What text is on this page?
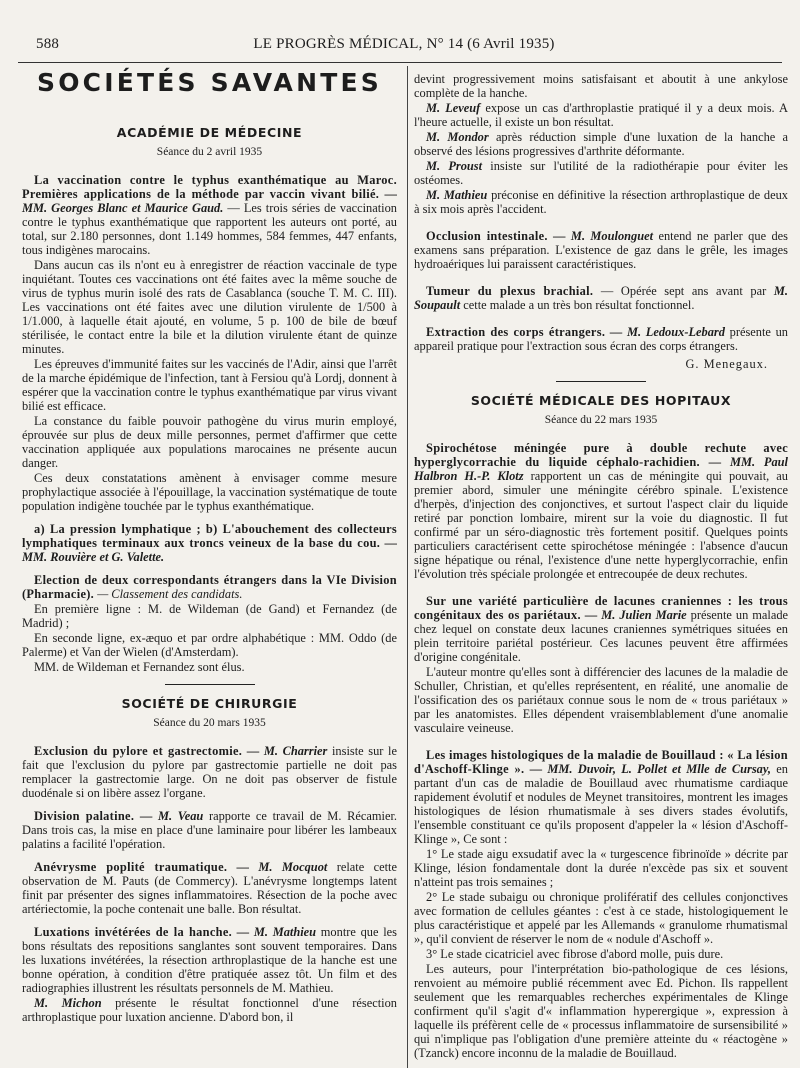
588	LE PROGRÈS MÉDICAL, N° 14 (6 Avril 1935)
SOCIÉTÉS SAVANTES
ACADÉMIE DE MÉDECINE
Séance du 2 avril 1935

La vaccination contre le typhus exanthématique au Maroc. Premières applications de la méthode par vaccin vivant bilié. — MM. Georges Blanc et Maurice Gaud. — Les trois séries de vaccination contre le typhus exanthématique que rapportent les auteurs ont porté, au total, sur 2.180 personnes, dont 1.149 hommes, 584 femmes, 447 enfants, tous indigènes marocains.

Dans aucun cas ils n'ont eu à enregistrer de réaction vaccinale de type inquiétant. Toutes ces vaccinations ont été faites avec la même souche de virus de typhus murin isolé des rats de Casablanca (souche T. M. C. III). Les vaccinations ont été faites avec une dilution virulente de 1/500 à 1/1.000, à laquelle était ajouté, en volume, 5 p. 100 de bile de bœuf stérilisée, le contact entre la bile et la dilution virulente étant de quinze minutes.

Les épreuves d'immunité faites sur les vaccinés de l'Adir, ainsi que l'arrêt de la marche épidémique de l'infection, tant à Fersiou qu'à Lordj, donnent à espérer que la vaccination contre le typhus exanthématique par virus vivant bilié est efficace.

La constance du faible pouvoir pathogène du virus murin employé, éprouvée sur plus de deux mille personnes, permet d'affirmer que cette vaccination appliquée aux populations marocaines ne présente aucun danger.

Ces deux constatations amènent à envisager comme mesure prophylactique associée à l'épouillage, la vaccination systématique de toute population indigène touchée par le typhus exanthématique.

a) La pression lymphatique ; b) L'abouchement des collecteurs lymphatiques terminaux aux troncs veineux de la base du cou. — MM. Rouvière et G. Valette.

Election de deux correspondants étrangers dans la VIe Division (Pharmacie). — Classement des candidats.

En première ligne : M. de Wildeman (de Gand) et Fernandez (de Madrid) ;

En seconde ligne, ex-æquo et par ordre alphabétique : MM. Oddo (de Palerme) et Van der Wielen (d'Amsterdam).

MM. de Wildeman et Fernandez sont élus.

SOCIÉTÉ DE CHIRURGIE
Séance du 20 mars 1935

Exclusion du pylore et gastrectomie. — M. Charrier insiste sur le fait que l'exclusion du pylore par gastrectomie partielle ne doit pas remplacer la gastrectomie large. On ne doit pas observer de fistule duodénale si on libère assez l'organe.

Division palatine. — M. Veau rapporte ce travail de M. Récamier. Dans trois cas, la mise en place d'une laminaire pour libérer les lambeaux palatins a facilité l'opération.

Anévrysme poplité traumatique. — M. Mocquot relate cette observation de M. Pauts (de Commercy). L'anévrysme longtemps latent finit par présenter des signes inflammatoires. Résection de la poche avec artériectomie, la poche contenait une balle. Bon résultat.

Luxations invétérées de la hanche. — M. Mathieu montre que les bons résultats des repositions sanglantes sont souvent temporaires. Dans les luxations invétérées, la résection arthroplastique de la hanche est une bonne opération, à condition d'être pratiquée assez tôt. Un film et des radiographies illustrent les résultats personnels de M. Mathieu.

M. Michon présente le résultat fonctionnel d'une résection arthroplastique pour luxation ancienne. D'abord bon, il

devint progressivement moins satisfaisant et aboutit à une ankylose complète de la hanche.

M. Leveuf expose un cas d'arthroplastie pratiqué il y a deux mois. A l'heure actuelle, il existe un bon résultat.

M. Mondor après réduction simple d'une luxation de la hanche a observé des lésions progressives d'arthrite déformante.

M. Proust insiste sur l'utilité de la radiothérapie pour éviter les ostéomes.

M. Mathieu préconise en définitive la résection arthroplastique de deux à six mois après l'accident.

Occlusion intestinale. — M. Moulonguet entend ne parler que des examens sans préparation. L'existence de gaz dans le grêle, les images hydroaériques lui paraissent caractéristiques.

Tumeur du plexus brachial. — Opérée sept ans avant par M. Soupault cette malade a un très bon résultat fonctionnel.

Extraction des corps étrangers. — M. Ledoux-Lebard présente un appareil pratique pour l'extraction sous écran des corps étrangers.

G. Menegaux.
SOCIÉTÉ MÉDICALE DES HOPITAUX
Séance du 22 mars 1935

Spirochétose méningée pure à double rechute avec hyperglycorrachie du liquide céphalo-rachidien. — MM. Paul Halbron H.-P. Klotz rapportent un cas de méningite qui pouvait, au premier abord, simuler une méningite cérébro spinale. L'existence d'herpès, d'injection des conjonctives, et surtout l'aspect clair du liquide retiré par ponction lombaire, mirent sur la voie du diagnostic. Il fut confirmé par un séro-diagnostic très fortement positif. Quelques points particuliers caractérisent cette spirochétose méningée : l'absence d'aucun signe hépatique ou rénal, l'existence d'une nette hyperglycorrachie, enfin l'évolution très spéciale prolongée et entrecoupée de deux rechutes.

Sur une variété particulière de lacunes craniennes : les trous congénitaux des os pariétaux. — M. Julien Marie présente un malade chez lequel on constate deux lacunes craniennes symétriques situées en plein territoire pariétal postérieur. Ces lacunes peuvent être affirmées d'origine congénitale.

L'auteur montre qu'elles sont à différencier des lacunes de la maladie de Schuller, Christian, et qu'elles représentent, en réalité, une anomalie de l'ossification des os pariétaux connue sous le nom de « trous pariétaux » par les anatomistes. Elles dépendent vraisemblablement d'une anomalie vasculaire veineuse.

Les images histologiques de la maladie de Bouillaud : « La lésion d'Aschoff-Klinge ». — MM. Duvoir, L. Pollet et Mlle de Cursay, en partant d'un cas de maladie de Bouillaud avec rhumatisme cardiaque rapidement évolutif et nodules de Meynet transitoires, montrent les images histologiques de lésion rhumatismale à ses divers stades évolutifs, l'ensemble constituant ce qu'ils proposent d'appeler la « lésion d'Aschoff-Klinge », Ce sont :

1° Le stade aigu exsudatif avec la « turgescence fibrinoïde » décrite par Klinge, lésion fondamentale dont la durée n'excède pas six et souvent n'atteint pas trois semaines ;

2° Le stade subaigu ou chronique prolifératif des cellules conjonctives avec formation de cellules géantes : c'est à ce stade, histologiquement le plus caractéristique et appelé par les Allemands « granulome rhumatismal », qu'il convient de réserver le nom de « nodule d'Aschoff ».

3° Le stade cicatriciel avec fibrose d'abord molle, puis dure.

Les auteurs, pour l'interprétation bio-pathologique de ces lésions, renvoient au mémoire publié récemment avec Ed. Pichon. Ils rappellent seulement que les remarquables recherches expérimentales de Klinge confirment qu'il s'agit d'« inflammation hyperergique », expression à laquelle ils préfèrent celle de « processus inflammatoire de sursensibilité » qui n'implique pas l'obligation d'une première atteinte du « réactogène » (Tzanck) encore inconnu de la maladie de Bouillaud.
